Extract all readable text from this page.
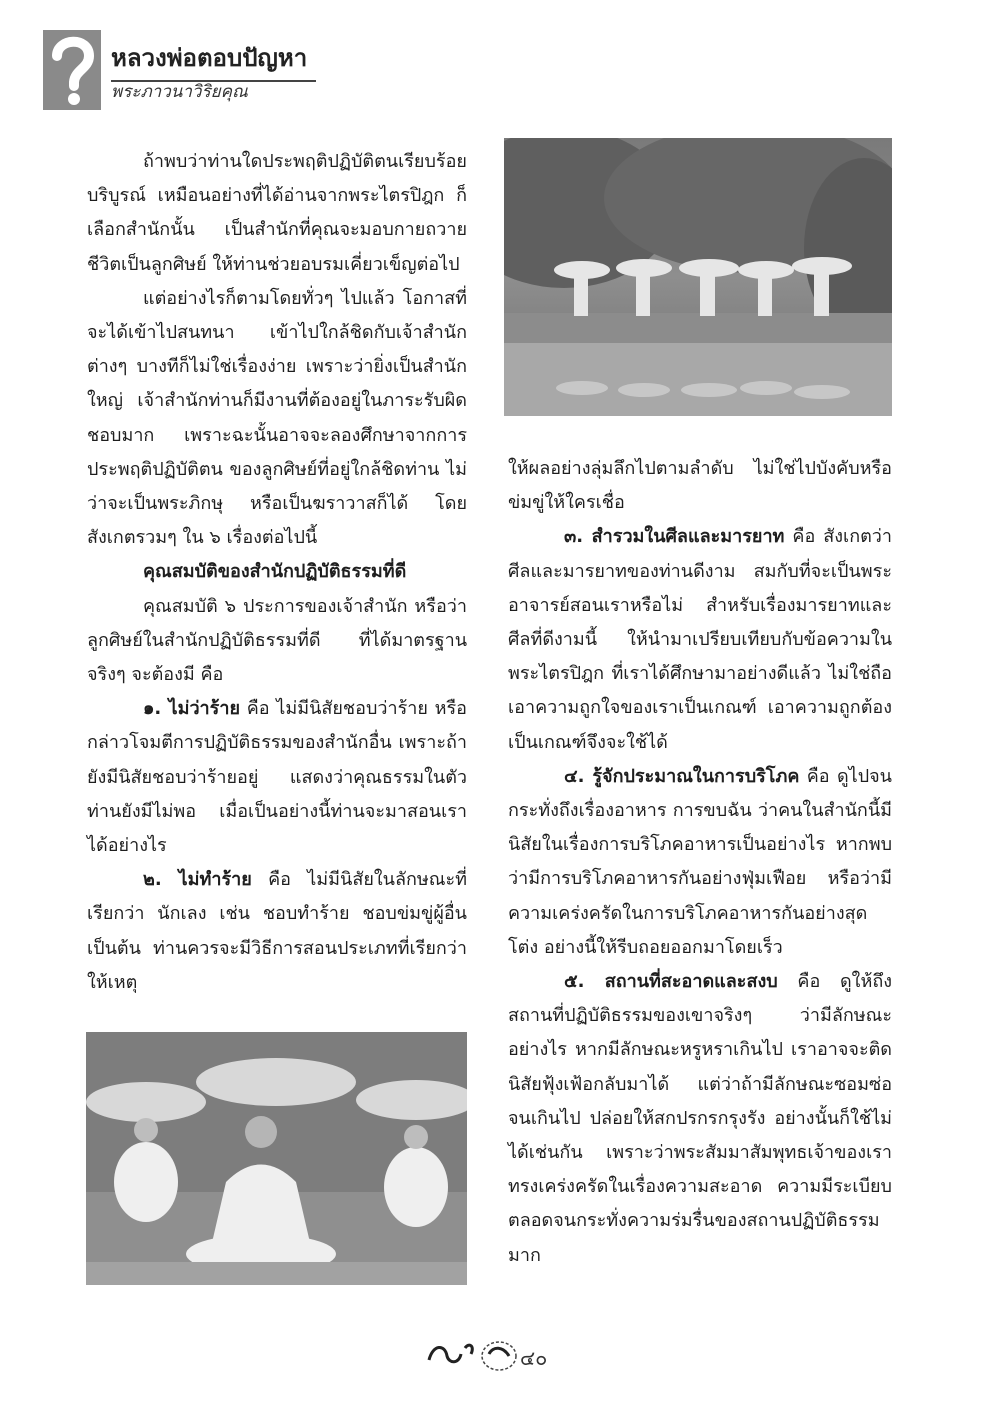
หลวงพ่อตอบปัญหา
พระภาวนาวิริยคุณ

ถ้าพบว่าท่านใดประพฤติปฏิบัติตนเรียบร้อยบริบูรณ์ เหมือนอย่างที่ได้อ่านจากพระไตรปิฎก ก็เลือกสำนักนั้น เป็นสำนักที่คุณจะมอบกายถวายชีวิตเป็นลูกศิษย์ ให้ท่านช่วยอบรมเคี่ยวเข็ญต่อไป

แต่อย่างไรก็ตามโดยทั่วๆ ไปแล้ว โอกาสที่จะได้เข้าไปสนทนา เข้าไปใกล้ชิดกับเจ้าสำนักต่างๆ บางทีก็ไม่ใช่เรื่องง่าย เพราะว่ายิ่งเป็นสำนักใหญ่ เจ้าสำนักท่านก็มีงานที่ต้องอยู่ในภาระรับผิดชอบมาก เพราะฉะนั้นอาจจะลองศึกษาจากการประพฤติปฏิบัติตน ของลูกศิษย์ที่อยู่ใกล้ชิดท่าน ไม่ว่าจะเป็นพระภิกษุ หรือเป็นฆราวาสก็ได้ โดยสังเกตรวมๆ ใน ๖ เรื่องต่อไปนี้

คุณสมบัติของสำนักปฏิบัติธรรมที่ดี

คุณสมบัติ ๖ ประการของเจ้าสำนัก หรือว่าลูกศิษย์ในสำนักปฏิบัติธรรมที่ดี ที่ได้มาตรฐานจริงๆ จะต้องมี คือ

๑. ไม่ว่าร้าย คือ ไม่มีนิสัยชอบว่าร้าย หรือกล่าวโจมตีการปฏิบัติธรรมของสำนักอื่น เพราะถ้ายังมีนิสัยชอบว่าร้ายอยู่ แสดงว่าคุณธรรมในตัวท่านยังมีไม่พอ เมื่อเป็นอย่างนี้ท่านจะมาสอนเราได้อย่างไร

๒. ไม่ทำร้าย คือ ไม่มีนิสัยในลักษณะที่เรียกว่า นักเลง เช่น ชอบทำร้าย ชอบข่มขู่ผู้อื่น เป็นต้น ท่านควรจะมีวิธีการสอนประเภทที่เรียกว่า ให้เหตุ

ให้ผลอย่างลุ่มลึกไปตามลำดับ ไม่ใช่ไปบังคับหรือข่มขู่ให้ใครเชื่อ

๓. สำรวมในศีลและมารยาท คือ สังเกตว่าศีลและมารยาทของท่านดีงาม สมกับที่จะเป็นพระอาจารย์สอนเราหรือไม่ สำหรับเรื่องมารยาทและศีลที่ดีงามนี้ ให้นำมาเปรียบเทียบกับข้อความในพระไตรปิฎก ที่เราได้ศึกษามาอย่างดีแล้ว ไม่ใช่ถือเอาความถูกใจของเราเป็นเกณฑ์ เอาความถูกต้องเป็นเกณฑ์จึงจะใช้ได้

๔. รู้จักประมาณในการบริโภค คือ ดูไปจนกระทั่งถึงเรื่องอาหาร การขบฉัน ว่าคนในสำนักนี้มีนิสัยในเรื่องการบริโภคอาหารเป็นอย่างไร หากพบว่ามีการบริโภคอาหารกันอย่างฟุ่มเฟือย หรือว่ามีความเคร่งครัดในการบริโภคอาหารกันอย่างสุดโต่ง อย่างนี้ให้รีบถอยออกมาโดยเร็ว

๕. สถานที่สะอาดและสงบ คือ ดูให้ถึงสถานที่ปฏิบัติธรรมของเขาจริงๆ ว่ามีลักษณะอย่างไร หากมีลักษณะหรูหราเกินไป เราอาจจะติดนิสัยฟุ้งเฟ้อกลับมาได้ แต่ว่าถ้ามีลักษณะซอมซ่อจนเกินไป ปล่อยให้สกปรกรกรุงรัง อย่างนั้นก็ใช้ไม่ได้เช่นกัน เพราะว่าพระสัมมาสัมพุทธเจ้าของเรา ทรงเคร่งครัดในเรื่องความสะอาด ความมีระเบียบตลอดจนกระทั่งความร่มรื่นของสถานปฏิบัติธรรมมาก

๔๐
